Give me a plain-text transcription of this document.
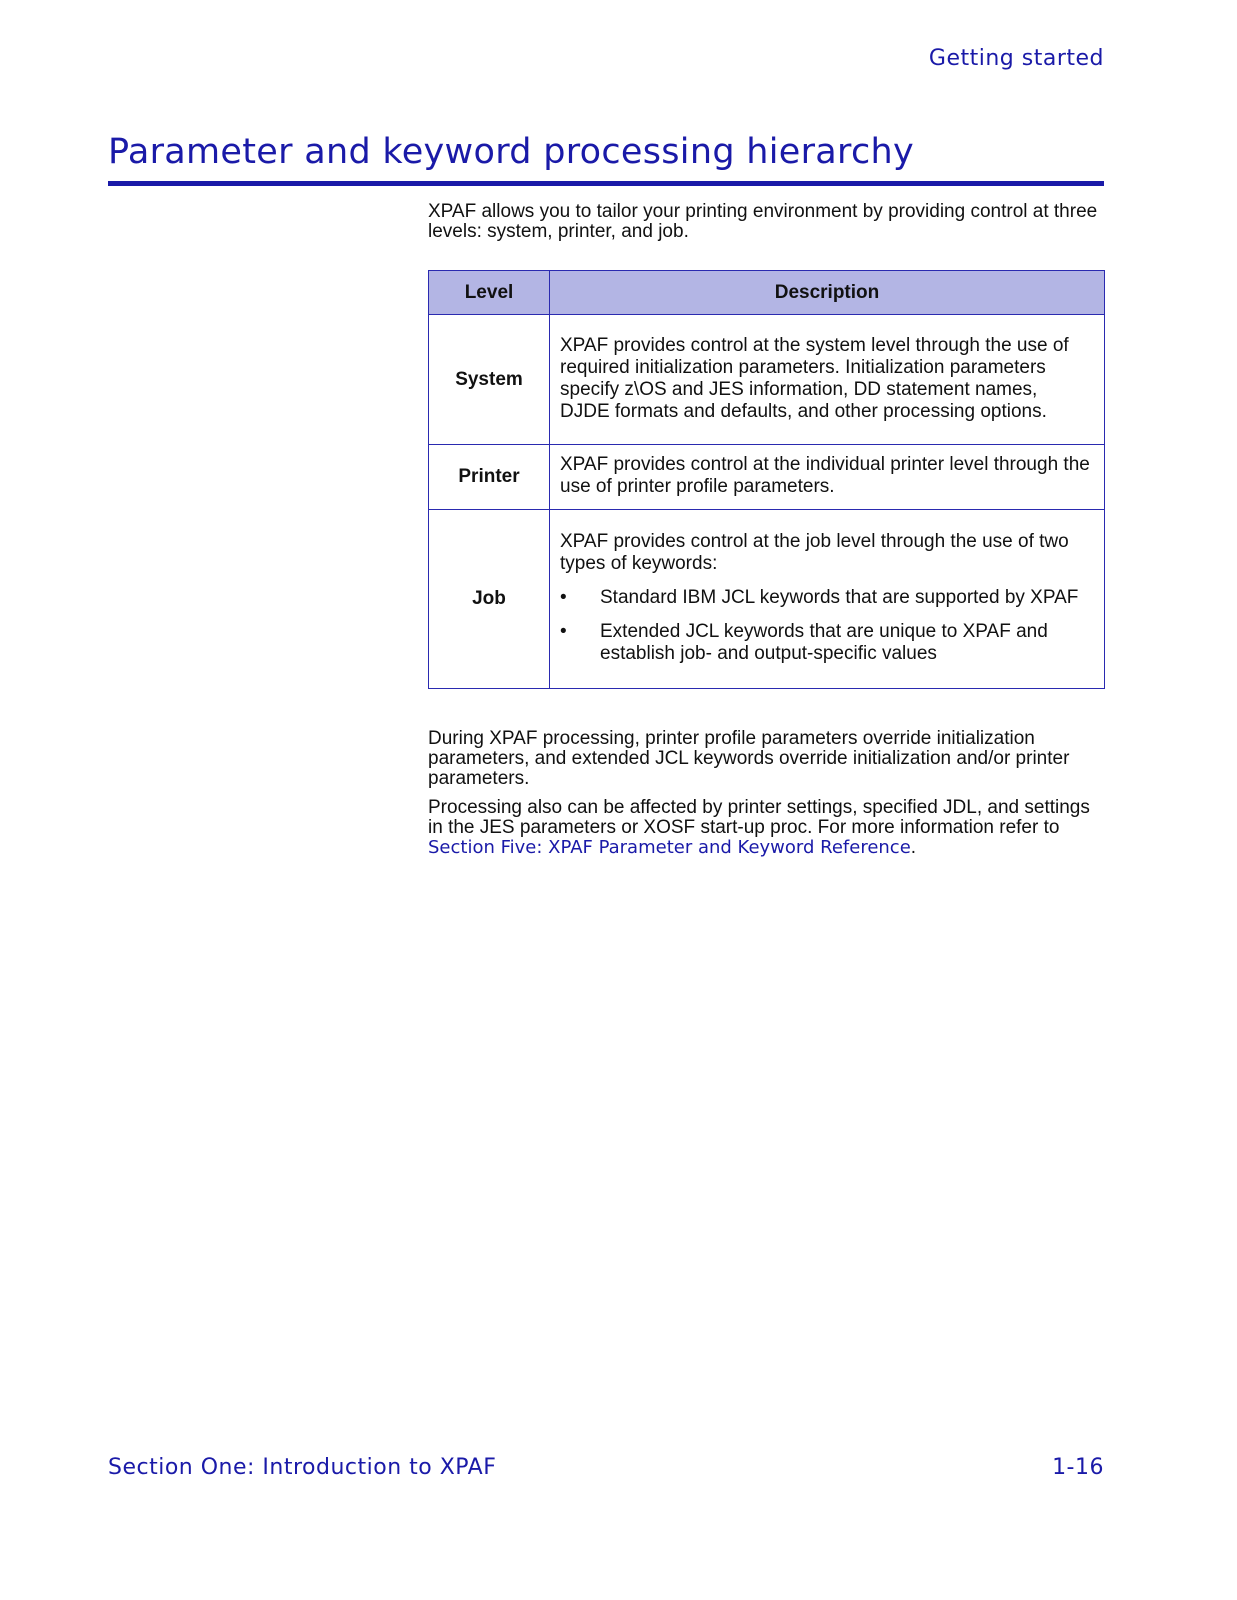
Getting started
Parameter and keyword processing hierarchy

XPAF allows you to tailor your printing environment by providing control at three levels: system, printer, and job.

Level	Description
System	XPAF provides control at the system level through the use of required initialization parameters. Initialization parameters specify z\OS and JES information, DD statement names, DJDE formats and defaults, and other processing options.
Printer	XPAF provides control at the individual printer level through the use of printer profile parameters.
Job	XPAF provides control at the job level through the use of two types of keywords:
• Standard IBM JCL keywords that are supported by XPAF
• Extended JCL keywords that are unique to XPAF and establish job- and output-specific values

During XPAF processing, printer profile parameters override initialization parameters, and extended JCL keywords override initialization and/or printer parameters.

Processing also can be affected by printer settings, specified JDL, and settings in the JES parameters or XOSF start-up proc. For more information refer to Section Five: XPAF Parameter and Keyword Reference.

Section One: Introduction to XPAF	1-16
